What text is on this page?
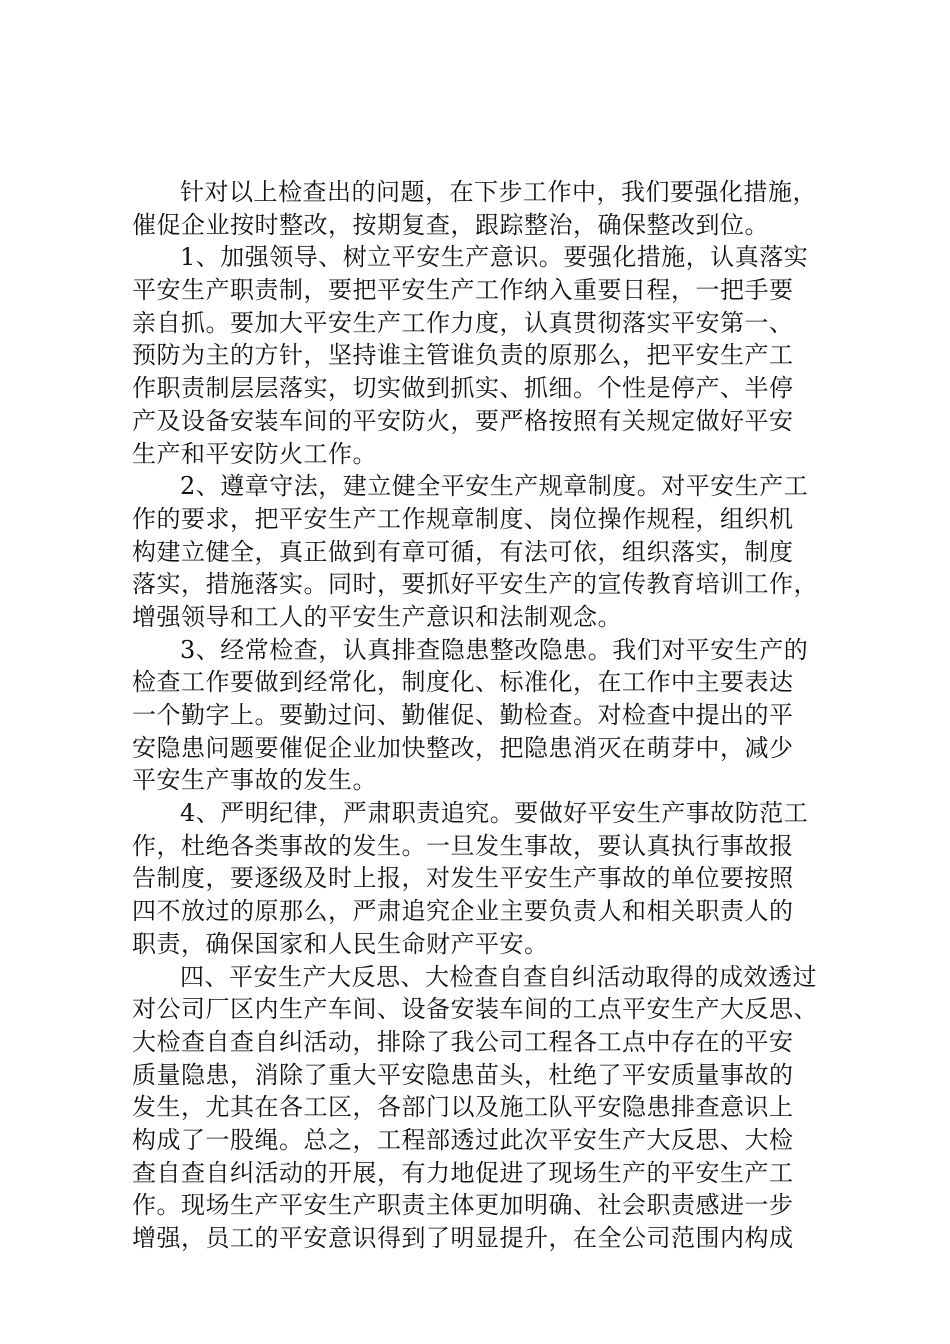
针对以上检查出的问题，在下步工作中，我们要强化措施，
催促企业按时整改，按期复查，跟踪整治，确保整改到位。

1、加强领导、树立平安生产意识。要强化措施，认真落实
平安生产职责制，要把平安生产工作纳入重要日程，一把手要
亲自抓。要加大平安生产工作力度，认真贯彻落实平安第一、
预防为主的方针，坚持谁主管谁负责的原那么，把平安生产工
作职责制层层落实，切实做到抓实、抓细。个性是停产、半停
产及设备安装车间的平安防火，要严格按照有关规定做好平安
生产和平安防火工作。

2、遵章守法，建立健全平安生产规章制度。对平安生产工
作的要求，把平安生产工作规章制度、岗位操作规程，组织机
构建立健全，真正做到有章可循，有法可依，组织落实，制度
落实，措施落实。同时，要抓好平安生产的宣传教育培训工作，
增强领导和工人的平安生产意识和法制观念。

3、经常检查，认真排查隐患整改隐患。我们对平安生产的
检查工作要做到经常化，制度化、标准化，在工作中主要表达
一个勤字上。要勤过问、勤催促、勤检查。对检查中提出的平
安隐患问题要催促企业加快整改，把隐患消灭在萌芽中，减少
平安生产事故的发生。

4、严明纪律，严肃职责追究。要做好平安生产事故防范工
作，杜绝各类事故的发生。一旦发生事故，要认真执行事故报
告制度，要逐级及时上报，对发生平安生产事故的单位要按照
四不放过的原那么，严肃追究企业主要负责人和相关职责人的
职责，确保国家和人民生命财产平安。

四、平安生产大反思、大检查自查自纠活动取得的成效透过
对公司厂区内生产车间、设备安装车间的工点平安生产大反思、
大检查自查自纠活动，排除了我公司工程各工点中存在的平安
质量隐患，消除了重大平安隐患苗头，杜绝了平安质量事故的
发生，尤其在各工区，各部门以及施工队平安隐患排查意识上
构成了一股绳。总之，工程部透过此次平安生产大反思、大检
查自查自纠活动的开展，有力地促进了现场生产的平安生产工
作。现场生产平安生产职责主体更加明确、社会职责感进一步
增强，员工的平安意识得到了明显提升，在全公司范围内构成
